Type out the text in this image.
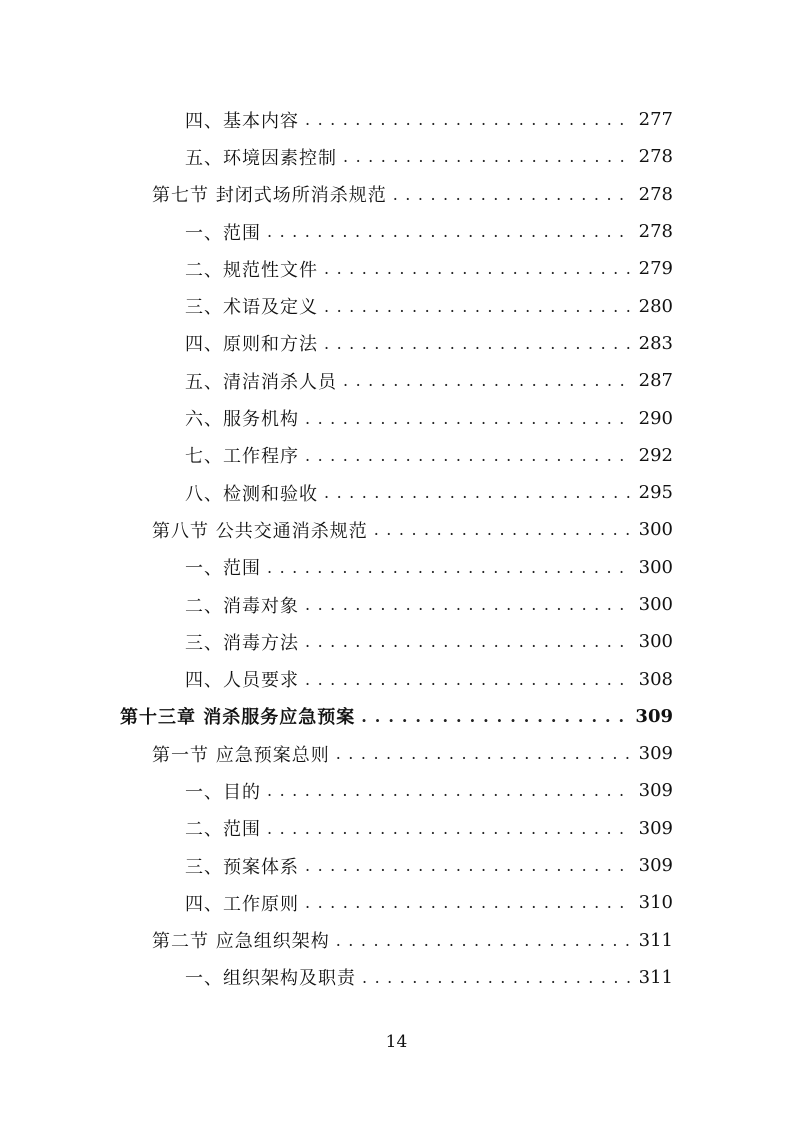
四、基本内容 . . .	277
五、环境因素控制 . . .	278
第七节 封闭式场所消杀规范 . . .	278
一、范围 . . .	278
二、规范性文件 . . .	279
三、术语及定义 . . .	280
四、原则和方法 . . .	283
五、清洁消杀人员 . . .	287
六、服务机构 . . .	290
七、工作程序 . . .	292
八、检测和验收 . . .	295
第八节 公共交通消杀规范 . . .	300
一、范围 . . .	300
二、消毒对象 . . .	300
三、消毒方法 . . .	300
四、人员要求 . . .	308
第十三章 消杀服务应急预案 . . .	309
第一节 应急预案总则 . . .	309
一、目的 . . .	309
二、范围 . . .	309
三、预案体系 . . .	309
四、工作原则 . . .	310
第二节 应急组织架构 . . .	311
一、组织架构及职责 . . .	311
14
